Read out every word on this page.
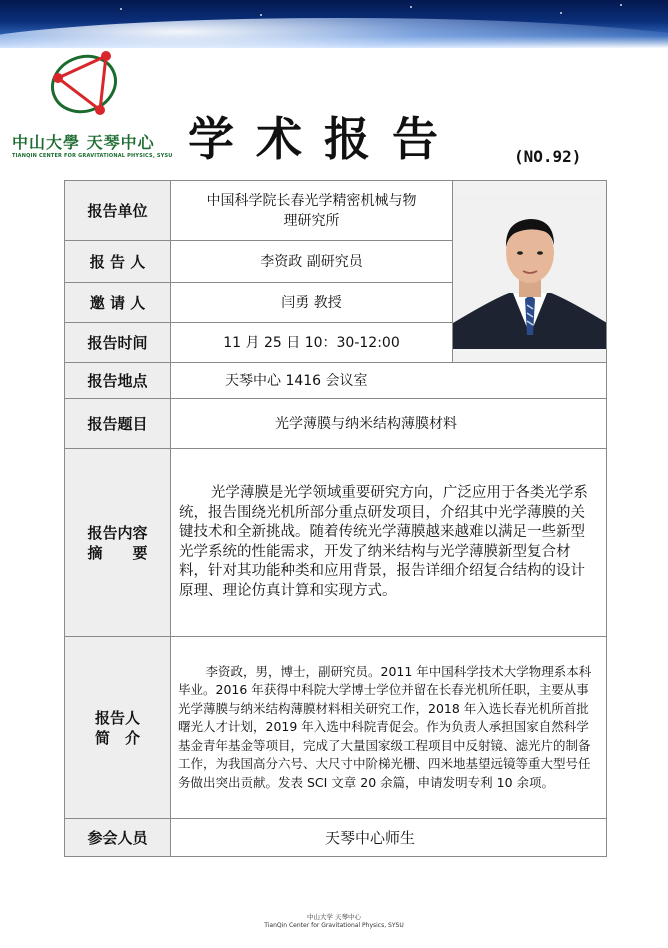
中山大學 天琴中心
TIANQIN CENTER FOR GRAVITATIONAL PHYSICS, SYSU 学术报告	(NO.92)
报告单位	中国科学院长春光学精密机械与物
理研究所

报 告 人	李资政 副研究员	
邀 请 人	闫勇 教授	
报告时间	11 月 25 日 10：30-12:00	
报告地点	天琴中心 1416 会议室	
报告题目	光学薄膜与纳米结构薄膜材料	
报告内容
摘　　要	光学薄膜是光学领域重要研究方向，广泛应用于各类光学系统，报告围绕光机所部分重点研发项目，介绍其中光学薄膜的关键技术和全新挑战。随着传统光学薄膜越来越难以满足一些新型光学系统的性能需求，开发了纳米结构与光学薄膜新型复合材料，针对其功能种类和应用背景，报告详细介绍复合结构的设计原理、理论仿真计算和实现方式。	

报告人
简　介	李资政，男，博士，副研究员。2011 年中国科学技术大学物理系本科毕业。2016 年获得中科院大学博士学位并留在长春光机所任职，主要从事光学薄膜与纳米结构薄膜材料相关研究工作，2018 年入选长春光机所首批曙光人才计划，2019 年入选中科院青促会。作为负责人承担国家自然科学基金青年基金等项目，完成了大量国家级工程项目中反射镜、滤光片的制备工作，为我国高分六号、大尺寸中阶梯光栅、四米地基望远镜等重大型号任务做出突出贡献。发表 SCI 文章 20 余篇，申请发明专利 10 余项。	

参会人员	天琴中心师生	
中山大学 天琴中心
TianQin Center for Gravitational Physics, SYSU
